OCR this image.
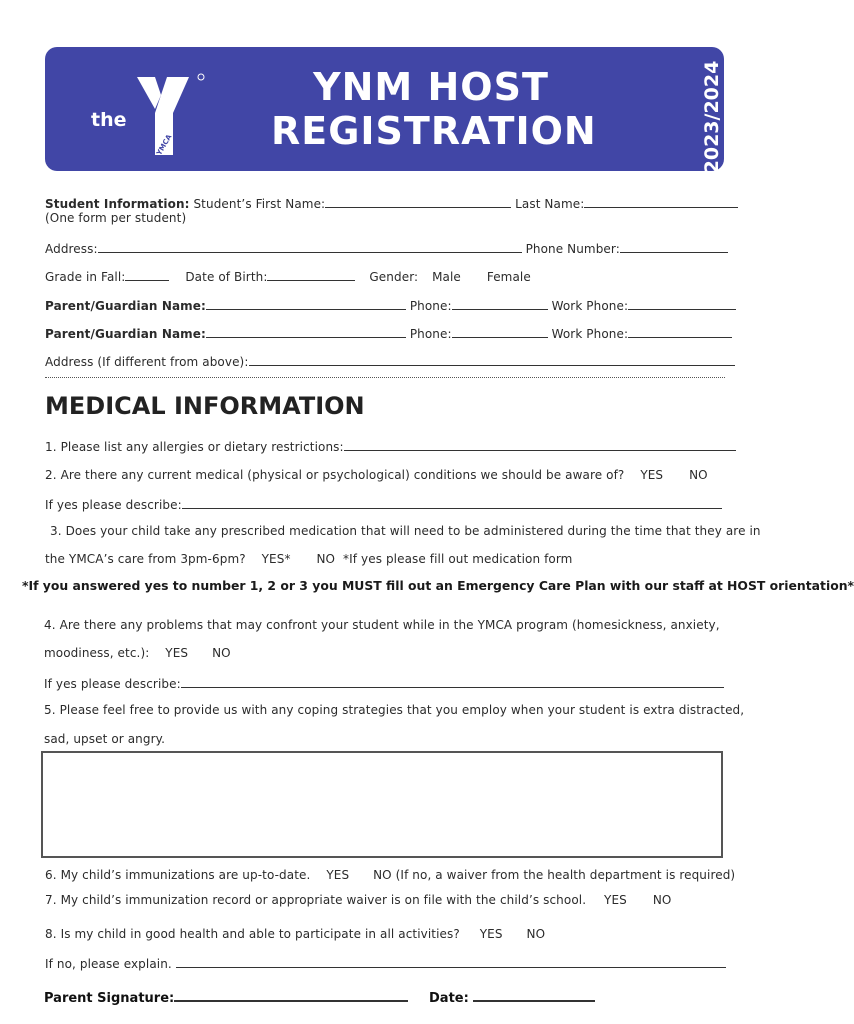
the
YMCA
YNM HOST
REGISTRATION	2023/2024
Student Information: Student’s First Name:	Last Name:
(One form per student)
Address:	Phone Number:
Grade in Fall:	Date of Birth:	Gender: Male Female
Parent/Guardian Name:	Phone:	Work Phone:
Parent/Guardian Name:	Phone:	Work Phone:
Address (If different from above):
MEDICAL INFORMATION
1. Please list any allergies or dietary restrictions:
2. Are there any current medical (physical or psychological) conditions we should be aware of? YES NO
If yes please describe:
3. Does your child take any prescribed medication that will need to be administered during the time that they are in
the YMCA’s care from 3pm-6pm? YES* NO *If yes please fill out medication form
*If you answered yes to number 1, 2 or 3 you MUST fill out an Emergency Care Plan with our staff at HOST orientation*
4. Are there any problems that may confront your student while in the YMCA program (homesickness, anxiety,
moodiness, etc.): YES NO
If yes please describe:
5. Please feel free to provide us with any coping strategies that you employ when your student is extra distracted,
sad, upset or angry.
6. My child’s immunizations are up-to-date. YES NO (If no, a waiver from the health department is required)
7. My child’s immunization record or appropriate waiver is on file with the child’s school. YES NO
8. Is my child in good health and able to participate in all activities? YES NO
If no, please explain.
Parent Signature:	Date:
